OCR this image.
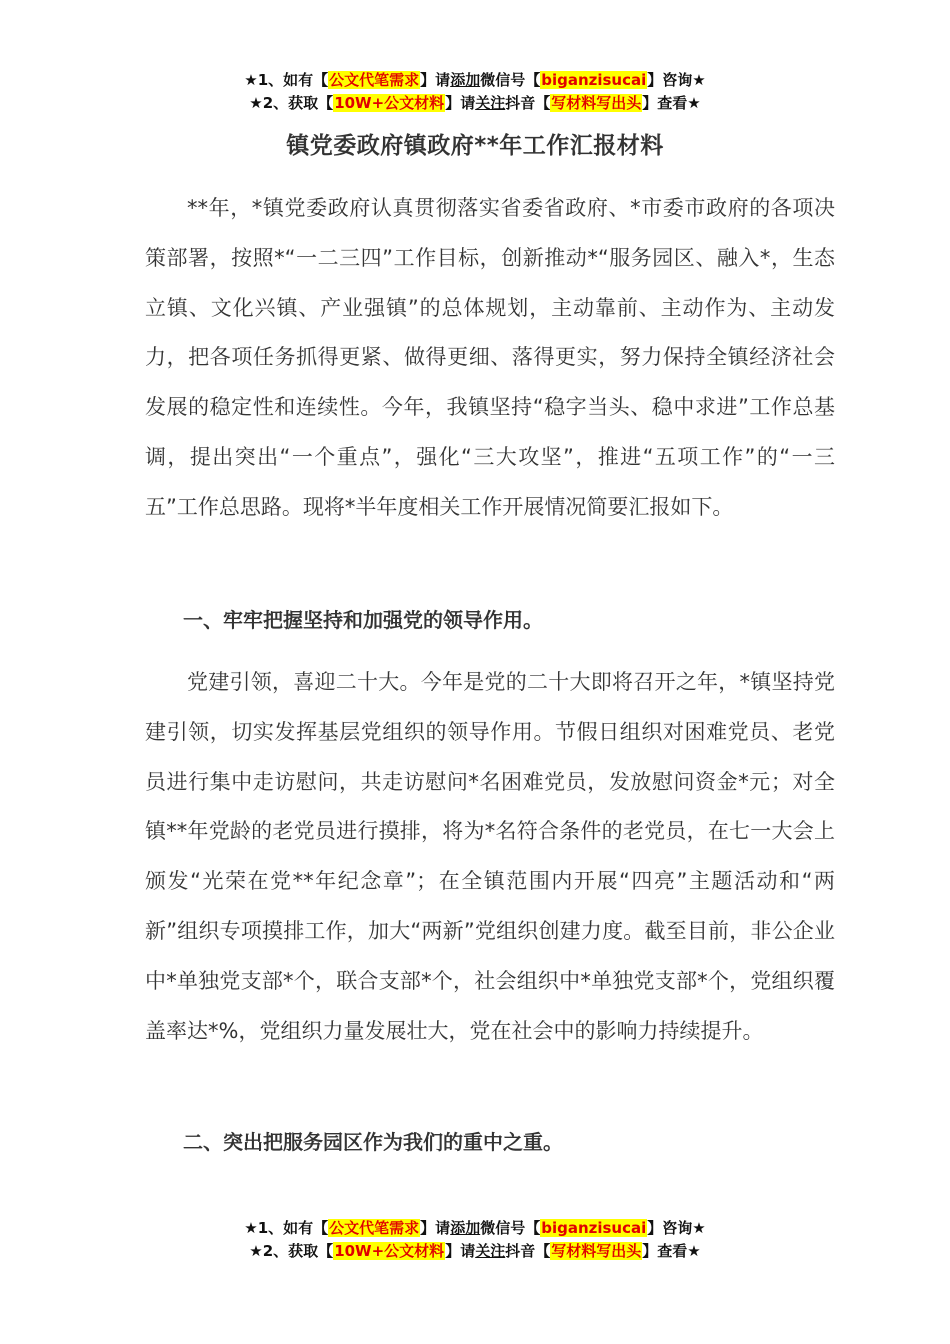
★1、如有【公文代笔需求】请添加微信号【biganzisucai】咨询★
★2、获取【10W+公文材料】请关注抖音【写材料写出头】查看★
镇党委政府镇政府**年工作汇报材料

**年，*镇党委政府认真贯彻落实省委省政府、*市委市政府的各项决策部署，按照*“一二三四”工作目标，创新推动*“服务园区、融入*，生态立镇、文化兴镇、产业强镇”的总体规划，主动靠前、主动作为、主动发力，把各项任务抓得更紧、做得更细、落得更实，努力保持全镇经济社会发展的稳定性和连续性。今年，我镇坚持“稳字当头、稳中求进”工作总基调，提出突出“一个重点”，强化“三大攻坚”，推进“五项工作”的“一三五”工作总思路。现将*半年度相关工作开展情况简要汇报如下。

一、牢牢把握坚持和加强党的领导作用。

党建引领，喜迎二十大。今年是党的二十大即将召开之年，*镇坚持党建引领，切实发挥基层党组织的领导作用。节假日组织对困难党员、老党员进行集中走访慰问，共走访慰问*名困难党员，发放慰问资金*元；对全镇**年党龄的老党员进行摸排，将为*名符合条件的老党员，在七一大会上颁发“光荣在党**年纪念章”；在全镇范围内开展“四亮”主题活动和“两新”组织专项摸排工作，加大“两新”党组织创建力度。截至目前，非公企业中*单独党支部*个，联合支部*个，社会组织中*单独党支部*个，党组织覆盖率达*%，党组织力量发展壮大，党在社会中的影响力持续提升。

二、突出把服务园区作为我们的重中之重。

★1、如有【公文代笔需求】请添加微信号【biganzisucai】咨询★
★2、获取【10W+公文材料】请关注抖音【写材料写出头】查看★
